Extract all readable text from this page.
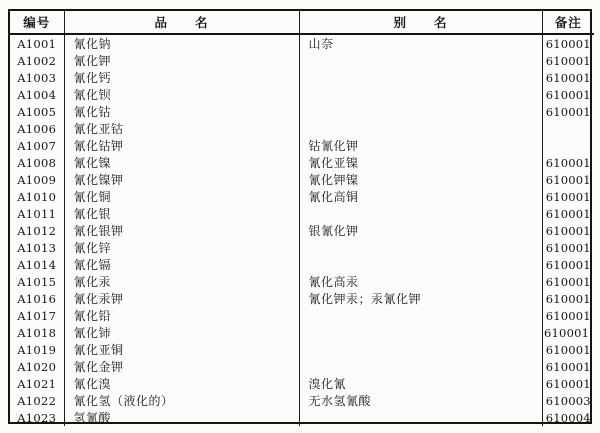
编号	品　　名	别　　名	备注
A1001	氰化钠	山奈	610001
A1002	氰化钾		610001
A1003	氰化钙		610001
A1004	氰化钡		610001
A1005	氰化钴		610001
A1006	氰化亚钴		
A1007	氰化钴钾	钴氰化钾	
A1008	氰化镍	氰化亚镍	610001
A1009	氰化镍钾	氰化钾镍	610001
A1010	氰化铜	氰化高铜	610001
A1011	氰化银		610001
A1012	氰化银钾	银氰化钾	610001
A1013	氰化锌		610001
A1014	氰化镉		610001
A1015	氰化汞	氰化高汞	610001
A1016	氰化汞钾	氰化钾汞；汞氰化钾	610001
A1017	氰化铅		610001
A1018	氰化铈		610001'
A1019	氰化亚铜		610001
A1020	氰化金钾		610001
A1021	氰化溴	溴化氰	610001
A1022	氰化氢（液化的）	无水氢氰酸	610003
A1023	氢氰酸		610004
